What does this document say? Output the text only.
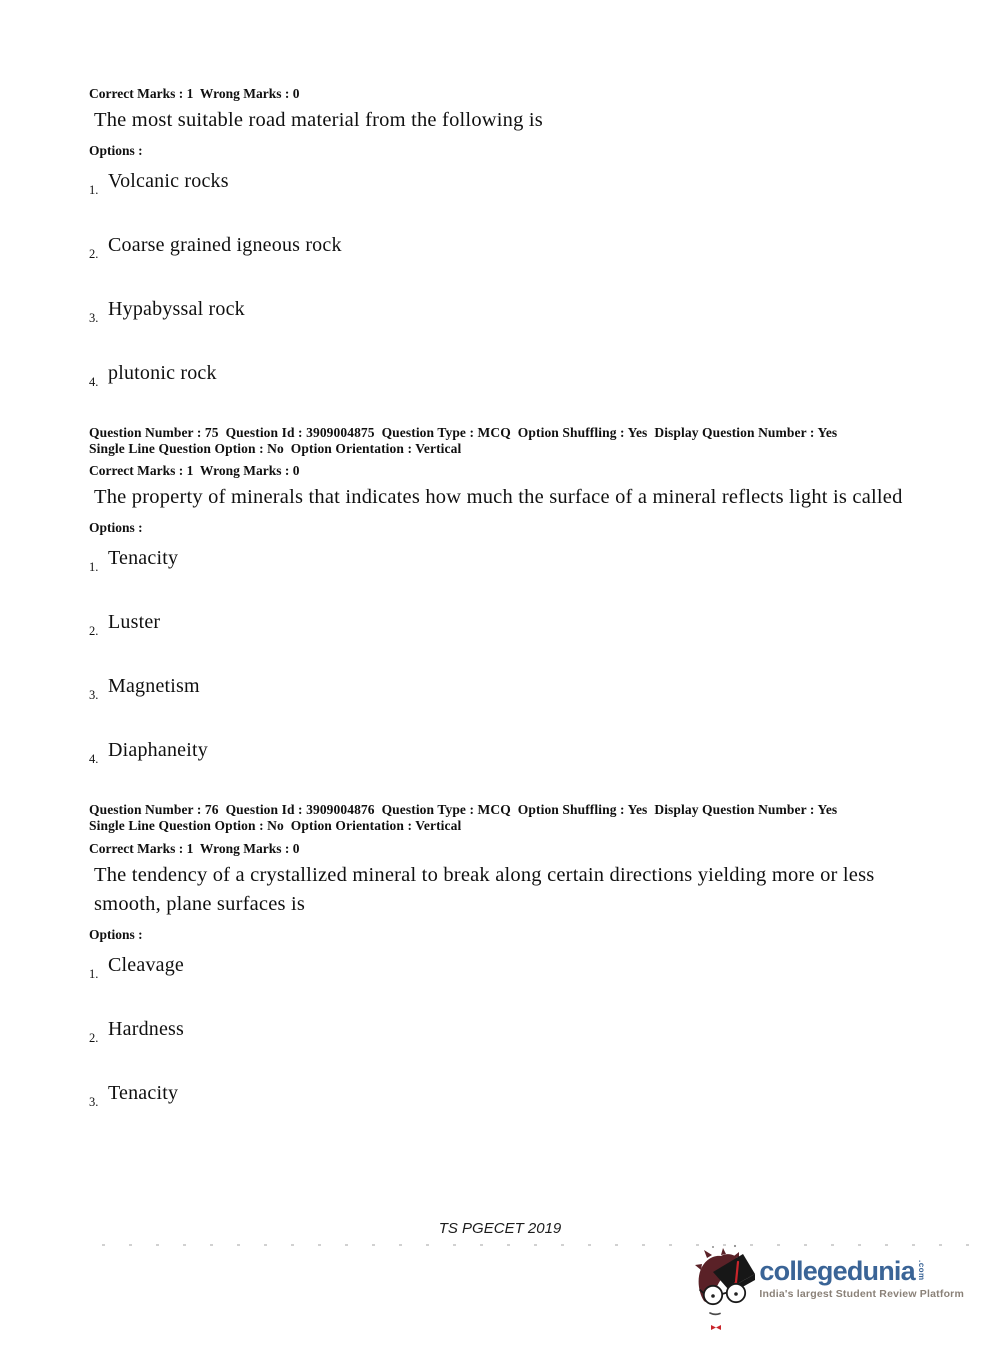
Correct Marks : 1  Wrong Marks : 0

The most suitable road material from the following is

Options :

1. Volcanic rocks
2. Coarse grained igneous rock
3. Hypabyssal rock
4. plutonic rock

Question Number : 75  Question Id : 3909004875  Question Type : MCQ  Option Shuffling : Yes  Display Question Number : Yes

Single Line Question Option : No  Option Orientation : Vertical

Correct Marks : 1  Wrong Marks : 0

The property of minerals that indicates how much the surface of a mineral reflects light is called

Options :

1. Tenacity
2. Luster
3. Magnetism
4. Diaphaneity

Question Number : 76  Question Id : 3909004876  Question Type : MCQ  Option Shuffling : Yes  Display Question Number : Yes

Single Line Question Option : No  Option Orientation : Vertical

Correct Marks : 1  Wrong Marks : 0

The tendency of a crystallized mineral to break along certain directions yielding more or less smooth, plane surfaces is

Options :

1. Cleavage
2. Hardness
3. Tenacity
TS PGECET 2019
collegedunia .com
India's largest Student Review Platform
